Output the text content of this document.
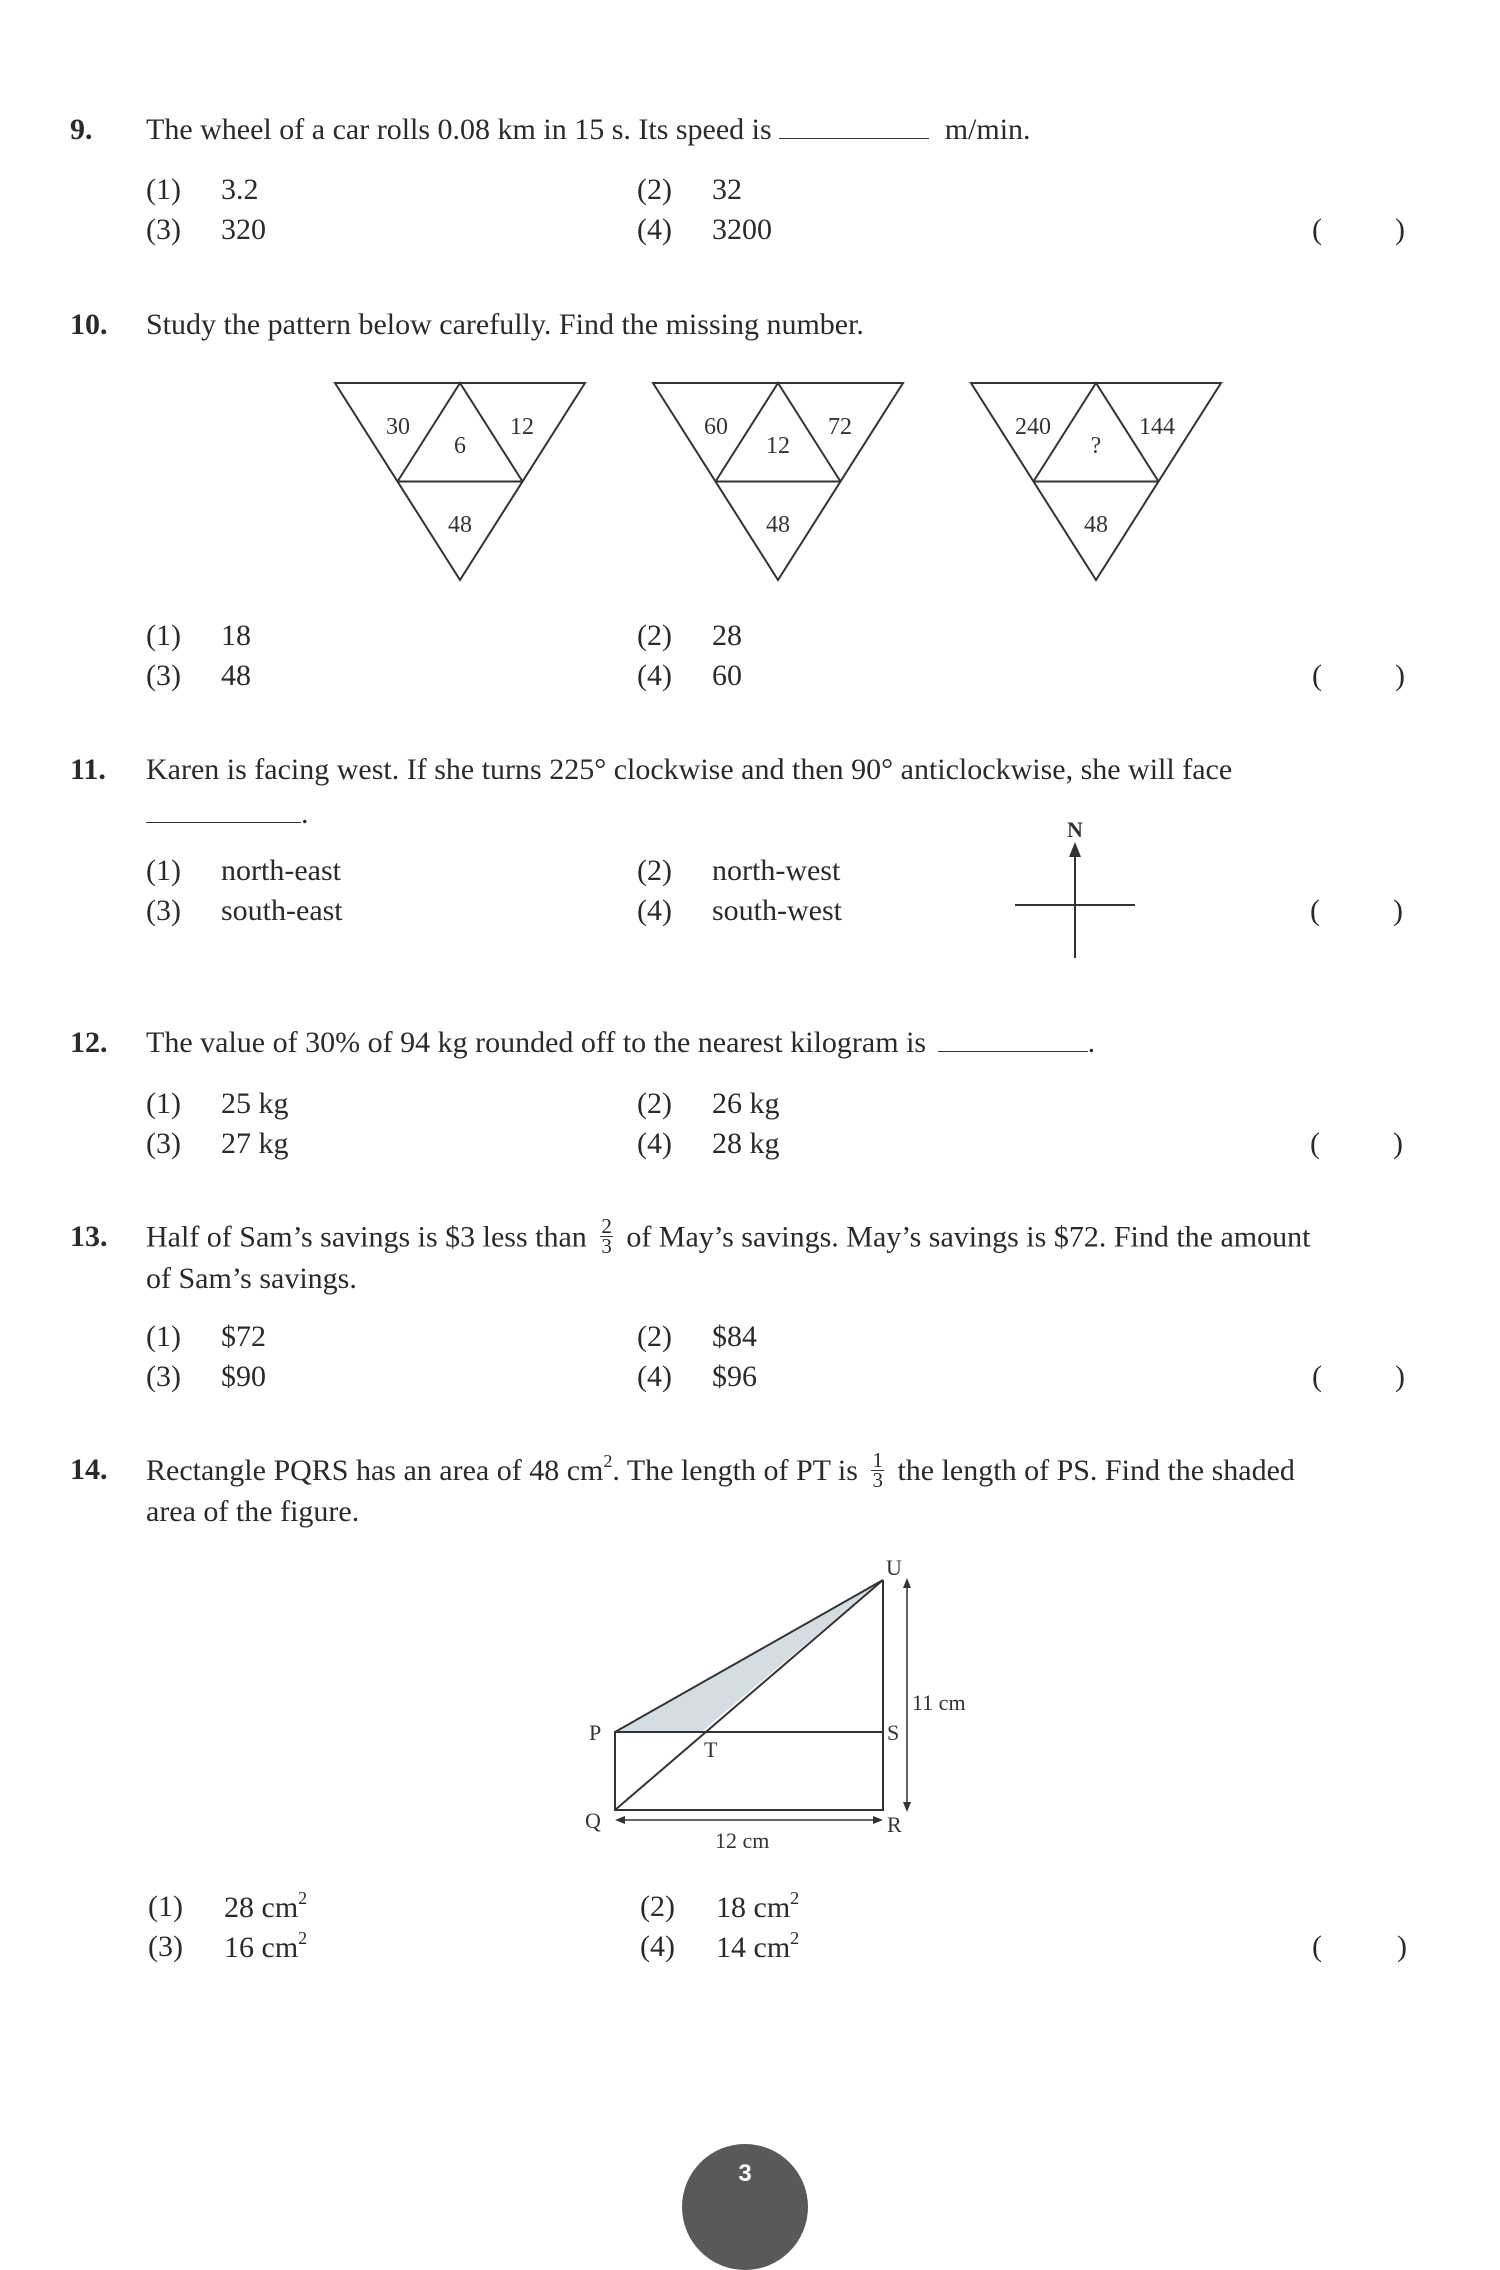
9. The wheel of a car rolls 0.08 km in 15 s. Its speed is	m/min.
(1) 3.2	(2) 32
(3) 320	(4) 3200	( )
10. Study the pattern below carefully. Find the missing number.
30
6
12
48
60
12
72
48
240
?
144
48
(1) 18	(2) 28
(3) 48	(4) 60	( )
11. Karen is facing west. If she turns 225° clockwise and then 90° anticlockwise, she will face
.	N
(1) north-east	(2) north-west
(3) south-east	(4) south-west	( )
12. The value of 30% of 94 kg rounded off to the nearest kilogram is	.
(1) 25 kg	(2) 26 kg
(3) 27 kg	(4) 28 kg	( )
13. Half of Sam’s savings is $3 less than $\frac{2}{3}$ of May’s savings. May’s savings is $72. Find the amount
of Sam’s savings.
(1) $72	(2) $84
(3) $90	(4) $96	( )
14. Rectangle PQRS has an area of 48 $cm^2$. The length of PT is $\frac{1}{3}$ the length of PS. Find the shaded
area of the figure.
U
P	S
T
Q	R
11 cm
12 cm
(1) 28 $cm^2$	(2) 18 $cm^2$
(3) 16 $cm^2$	(4) 14 $cm^2$	(	)
3
